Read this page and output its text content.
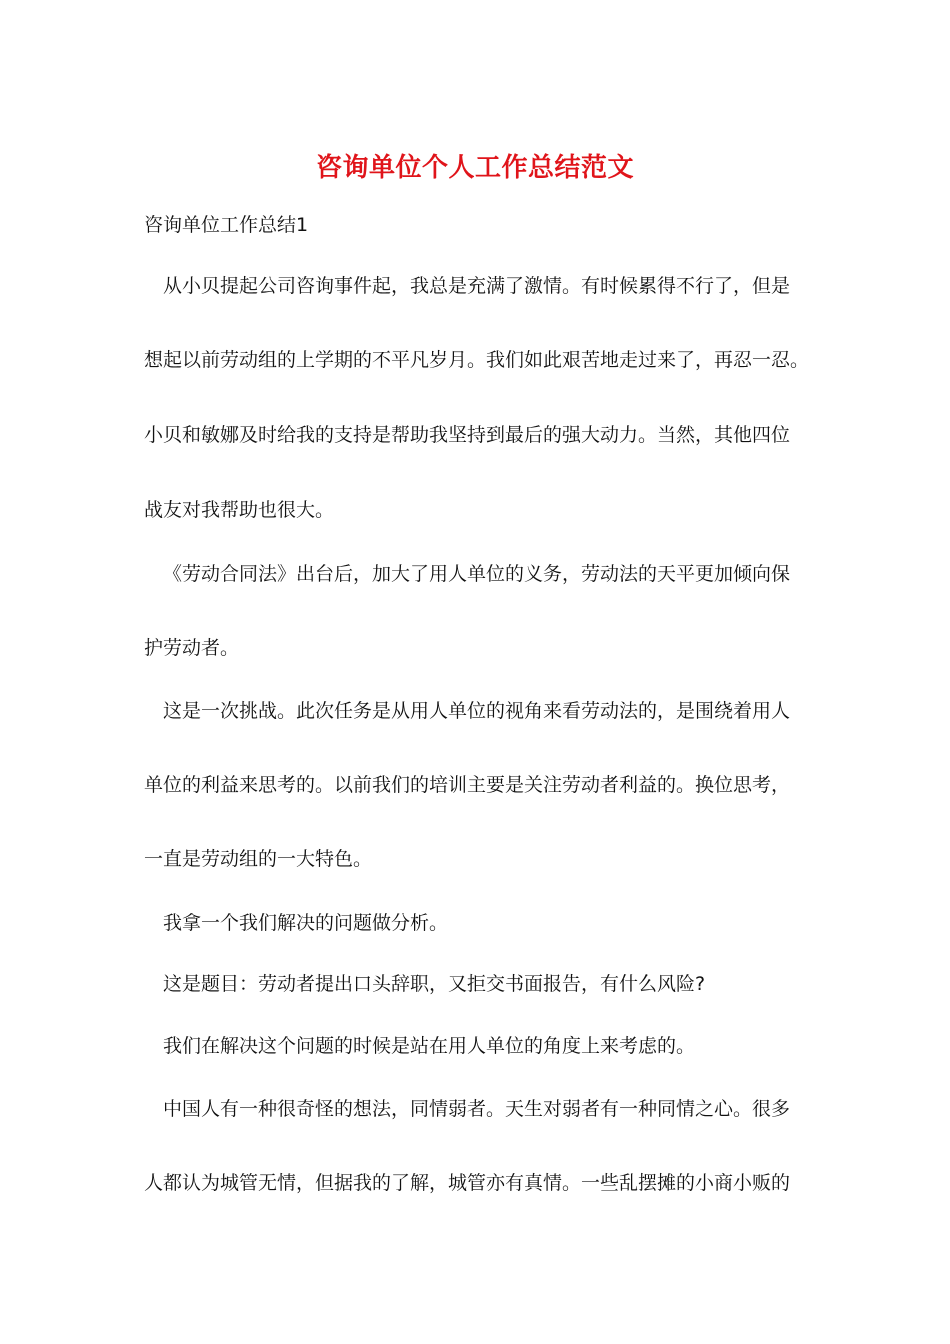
咨询单位个人工作总结范文
咨询单位工作总结1
从小贝提起公司咨询事件起，我总是充满了激情。有时候累得不行了，但是
想起以前劳动组的上学期的不平凡岁月。我们如此艰苦地走过来了，再忍一忍。
小贝和敏娜及时给我的支持是帮助我坚持到最后的强大动力。当然，其他四位
战友对我帮助也很大。
《劳动合同法》出台后，加大了用人单位的义务，劳动法的天平更加倾向保
护劳动者。
这是一次挑战。此次任务是从用人单位的视角来看劳动法的，是围绕着用人
单位的利益来思考的。以前我们的培训主要是关注劳动者利益的。换位思考，
一直是劳动组的一大特色。
我拿一个我们解决的问题做分析。
这是题目：劳动者提出口头辞职，又拒交书面报告，有什么风险?
我们在解决这个问题的时候是站在用人单位的角度上来考虑的。
中国人有一种很奇怪的想法，同情弱者。天生对弱者有一种同情之心。很多
人都认为城管无情，但据我的了解，城管亦有真情。一些乱摆摊的小商小贩的
